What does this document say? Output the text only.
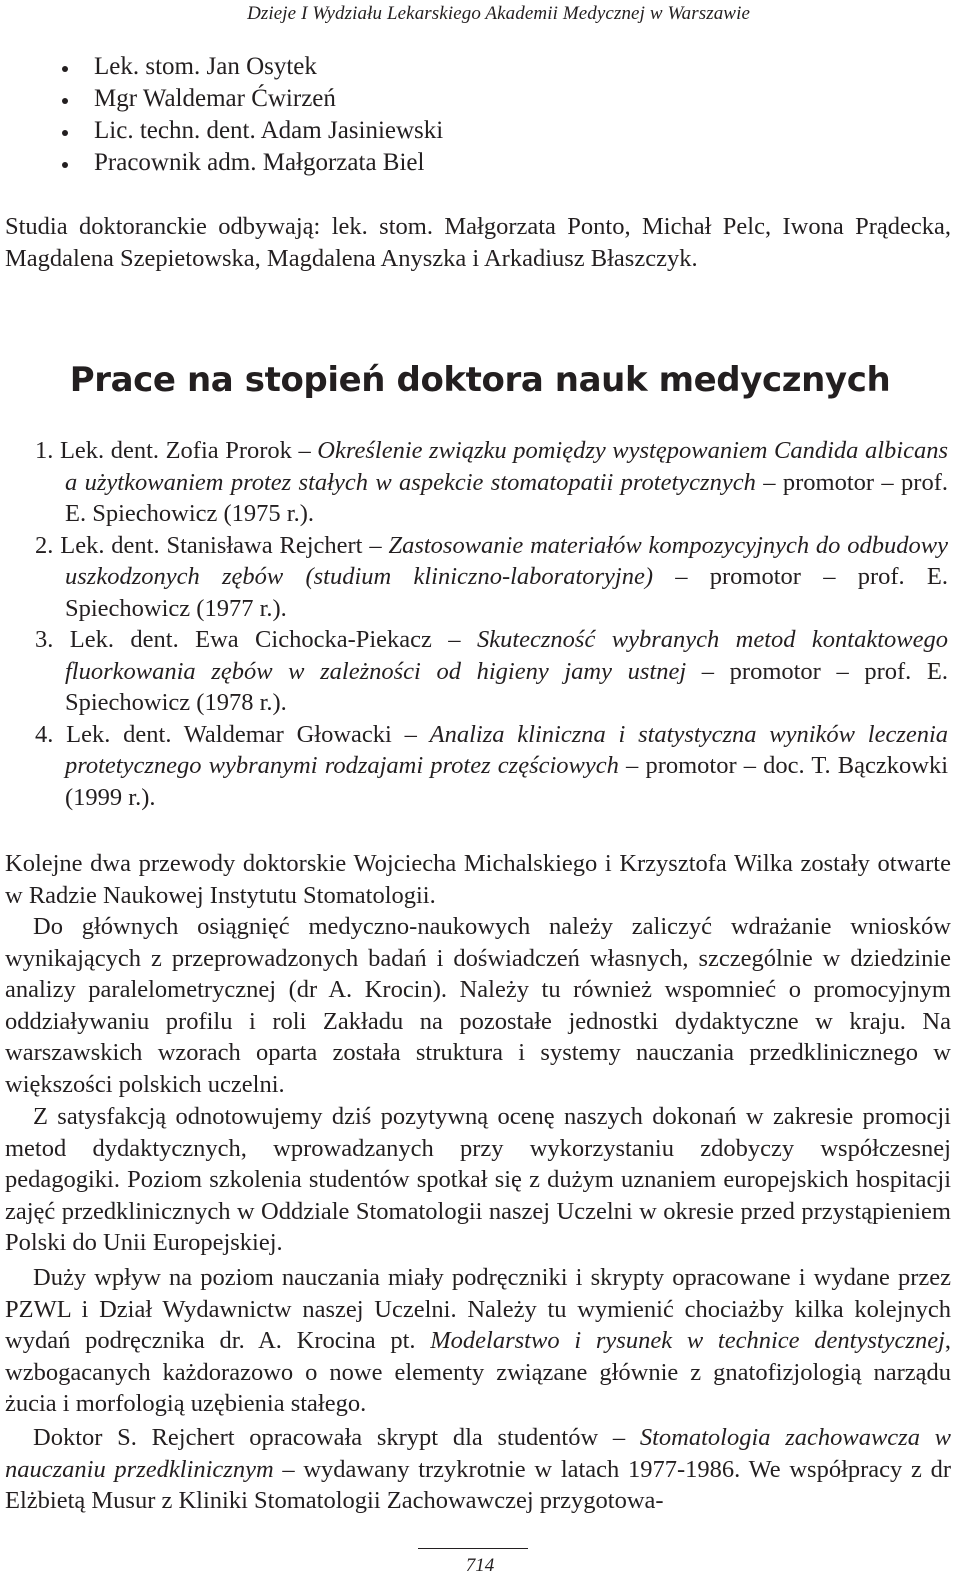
Dzieje I Wydziału Lekarskiego Akademii Medycznej w Warszawie
Lek. stom. Jan Osytek
Mgr Waldemar Ćwirzeń
Lic. techn. dent. Adam Jasiniewski
Pracownik adm. Małgorzata Biel

Studia doktoranckie odbywają: lek. stom. Małgorzata Ponto, Michał Pelc, Iwona Prądecka, Magdalena Szepietowska, Magdalena Anyszka i Arkadiusz Błaszczyk.

Prace na stopień doktora nauk medycznych
1. Lek. dent. Zofia Prorok – Określenie związku pomiędzy występowaniem Candida albicans a użytkowaniem protez stałych w aspekcie stomatopatii protetycznych – promotor – prof. E. Spiechowicz (1975 r.).
2. Lek. dent. Stanisława Rejchert – Zastosowanie materiałów kompozycyjnych do odbudowy uszkodzonych zębów (studium kliniczno-laboratoryjne) – promotor – prof. E. Spiechowicz (1977 r.).
3. Lek. dent. Ewa Cichocka-Piekacz – Skuteczność wybranych metod kontaktowego fluorkowania zębów w zależności od higieny jamy ustnej – promotor – prof. E. Spiechowicz (1978 r.).
4. Lek. dent. Waldemar Głowacki – Analiza kliniczna i statystyczna wyników leczenia protetycznego wybranymi rodzajami protez częściowych – promotor – doc. T. Bączkowki (1999 r.).

Kolejne dwa przewody doktorskie Wojciecha Michalskiego i Krzysztofa Wilka zostały otwarte w Radzie Naukowej Instytutu Stomatologii.

Do głównych osiągnięć medyczno-naukowych należy zaliczyć wdrażanie wniosków wynikających z przeprowadzonych badań i doświadczeń własnych, szczególnie w dziedzinie analizy paralelometrycznej (dr A. Krocin). Należy tu również wspomnieć o promocyjnym oddziaływaniu profilu i roli Zakładu na pozostałe jednostki dydaktyczne w kraju. Na warszawskich wzorach oparta została struktura i systemy nauczania przedklinicznego w większości polskich uczelni.

Z satysfakcją odnotowujemy dziś pozytywną ocenę naszych dokonań w zakresie promocji metod dydaktycznych, wprowadzanych przy wykorzystaniu zdobyczy współczesnej pedagogiki. Poziom szkolenia studentów spotkał się z dużym uznaniem europejskich hospitacji zajęć przedklinicznych w Oddziale Stomatologii naszej Uczelni w okresie przed przystąpieniem Polski do Unii Europejskiej.

Duży wpływ na poziom nauczania miały podręczniki i skrypty opracowane i wydane przez PZWL i Dział Wydawnictw naszej Uczelni. Należy tu wymienić chociażby kilka kolejnych wydań podręcznika dr. A. Krocina pt. Modelarstwo i rysunek w technice dentystycznej, wzbogacanych każdorazowo o nowe elementy związane głównie z gnatofizjologią narządu żucia i morfologią uzębienia stałego.

Doktor S. Rejchert opracowała skrypt dla studentów – Stomatologia zachowawcza w nauczaniu przedklinicznym – wydawany trzykrotnie w latach 1977-1986. We współpracy z dr Elżbietą Musur z Kliniki Stomatologii Zachowawczej przygotowa-

714
